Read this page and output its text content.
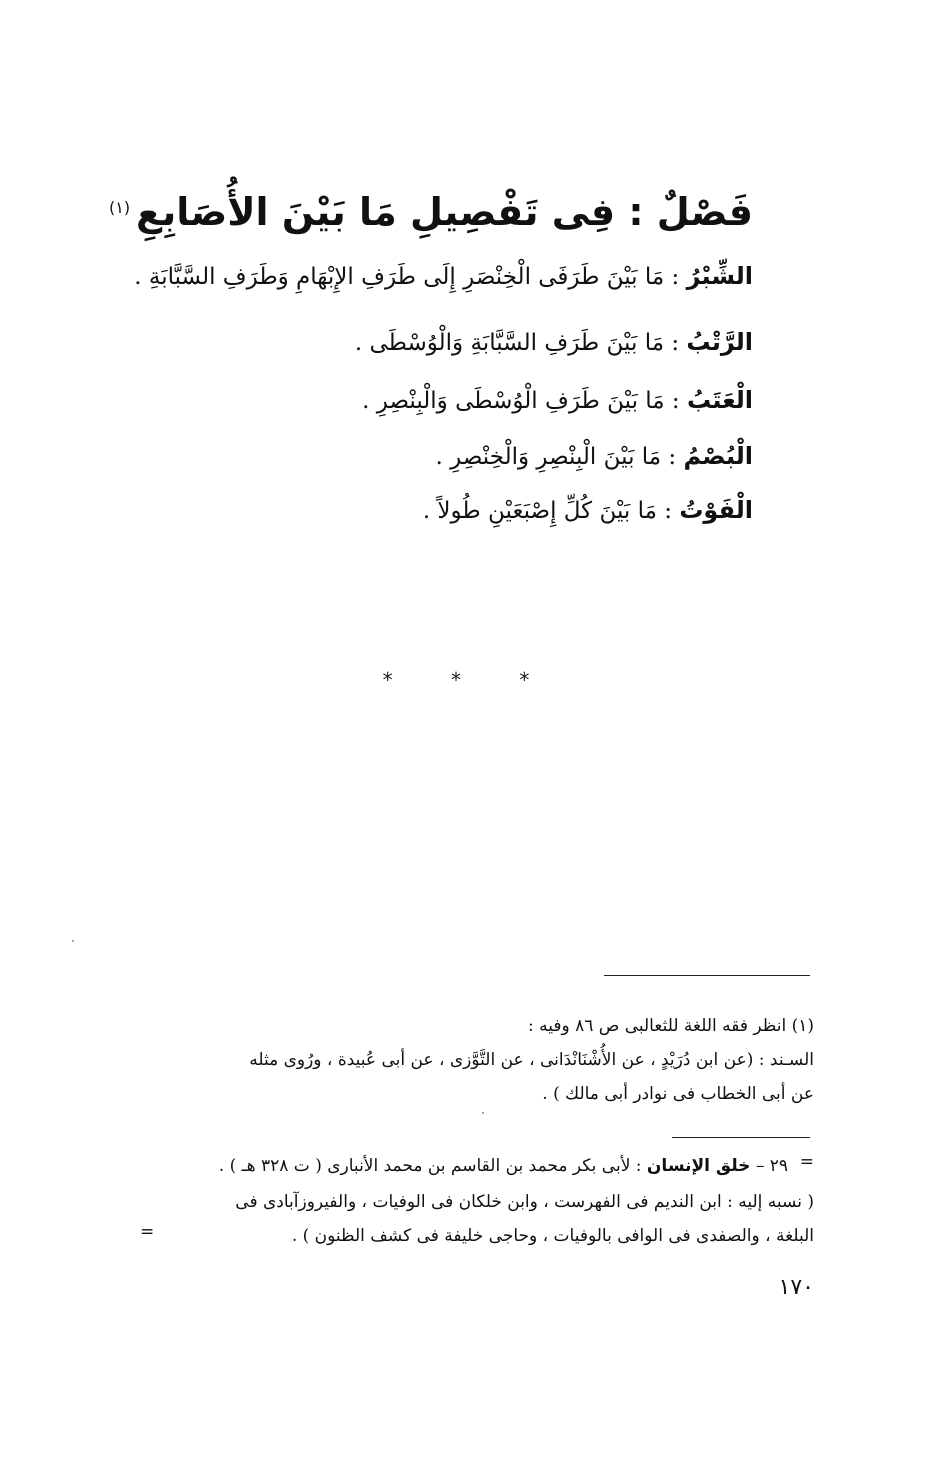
فَصْلٌ : فِى تَفْصِيلِ مَا بَيْنَ الأُصَابِعِ
(١)
الشِّبْرُ : مَا بَيْنَ طَرَفَى الْخِنْصَرِ إِلَى طَرَفِ الإِبْهَامِ وَطَرَفِ السَّبَّابَةِ .
الرَّتْبُ : مَا بَيْنَ طَرَفِ السَّبَّابَةِ وَالْوُسْطَى .
الْعَتَبُ : مَا بَيْنَ طَرَفِ الْوُسْطَى وَالْبِنْصِرِ .
الْبُصْمُ : مَا بَيْنَ الْبِنْصِرِ وَالْخِنْصِرِ .
الْفَوْتُ : مَا بَيْنَ كُلِّ إِصْبَعَيْنِ طُولاً .
* * *
(١) انظر فقه اللغة للثعالبى ص ٨٦ وفيه :
السـند : (عن ابن دُرَيْدٍ ، عن الأُشْنَانْدَانى ، عن التَّوَّزى ، عن أبى عُبيدة ، ورُوى مثله
عن أبى الخطاب فى نوادر أبى مالك ) .
٢٩ – خلق الإنسان : لأبى بكر محمد بن القاسم بن محمد الأنبارى ( ت ٣٢٨ هـ ) .	=
( نسبه إليه : ابن النديم فى الفهرست ، وابن خلكان فى الوفيات ، والفيروزآبادى فى
البلغة ، والصفدى فى الوافى بالوفيات ، وحاجى خليفة فى كشف الظنون ) .
=
١٧٠
